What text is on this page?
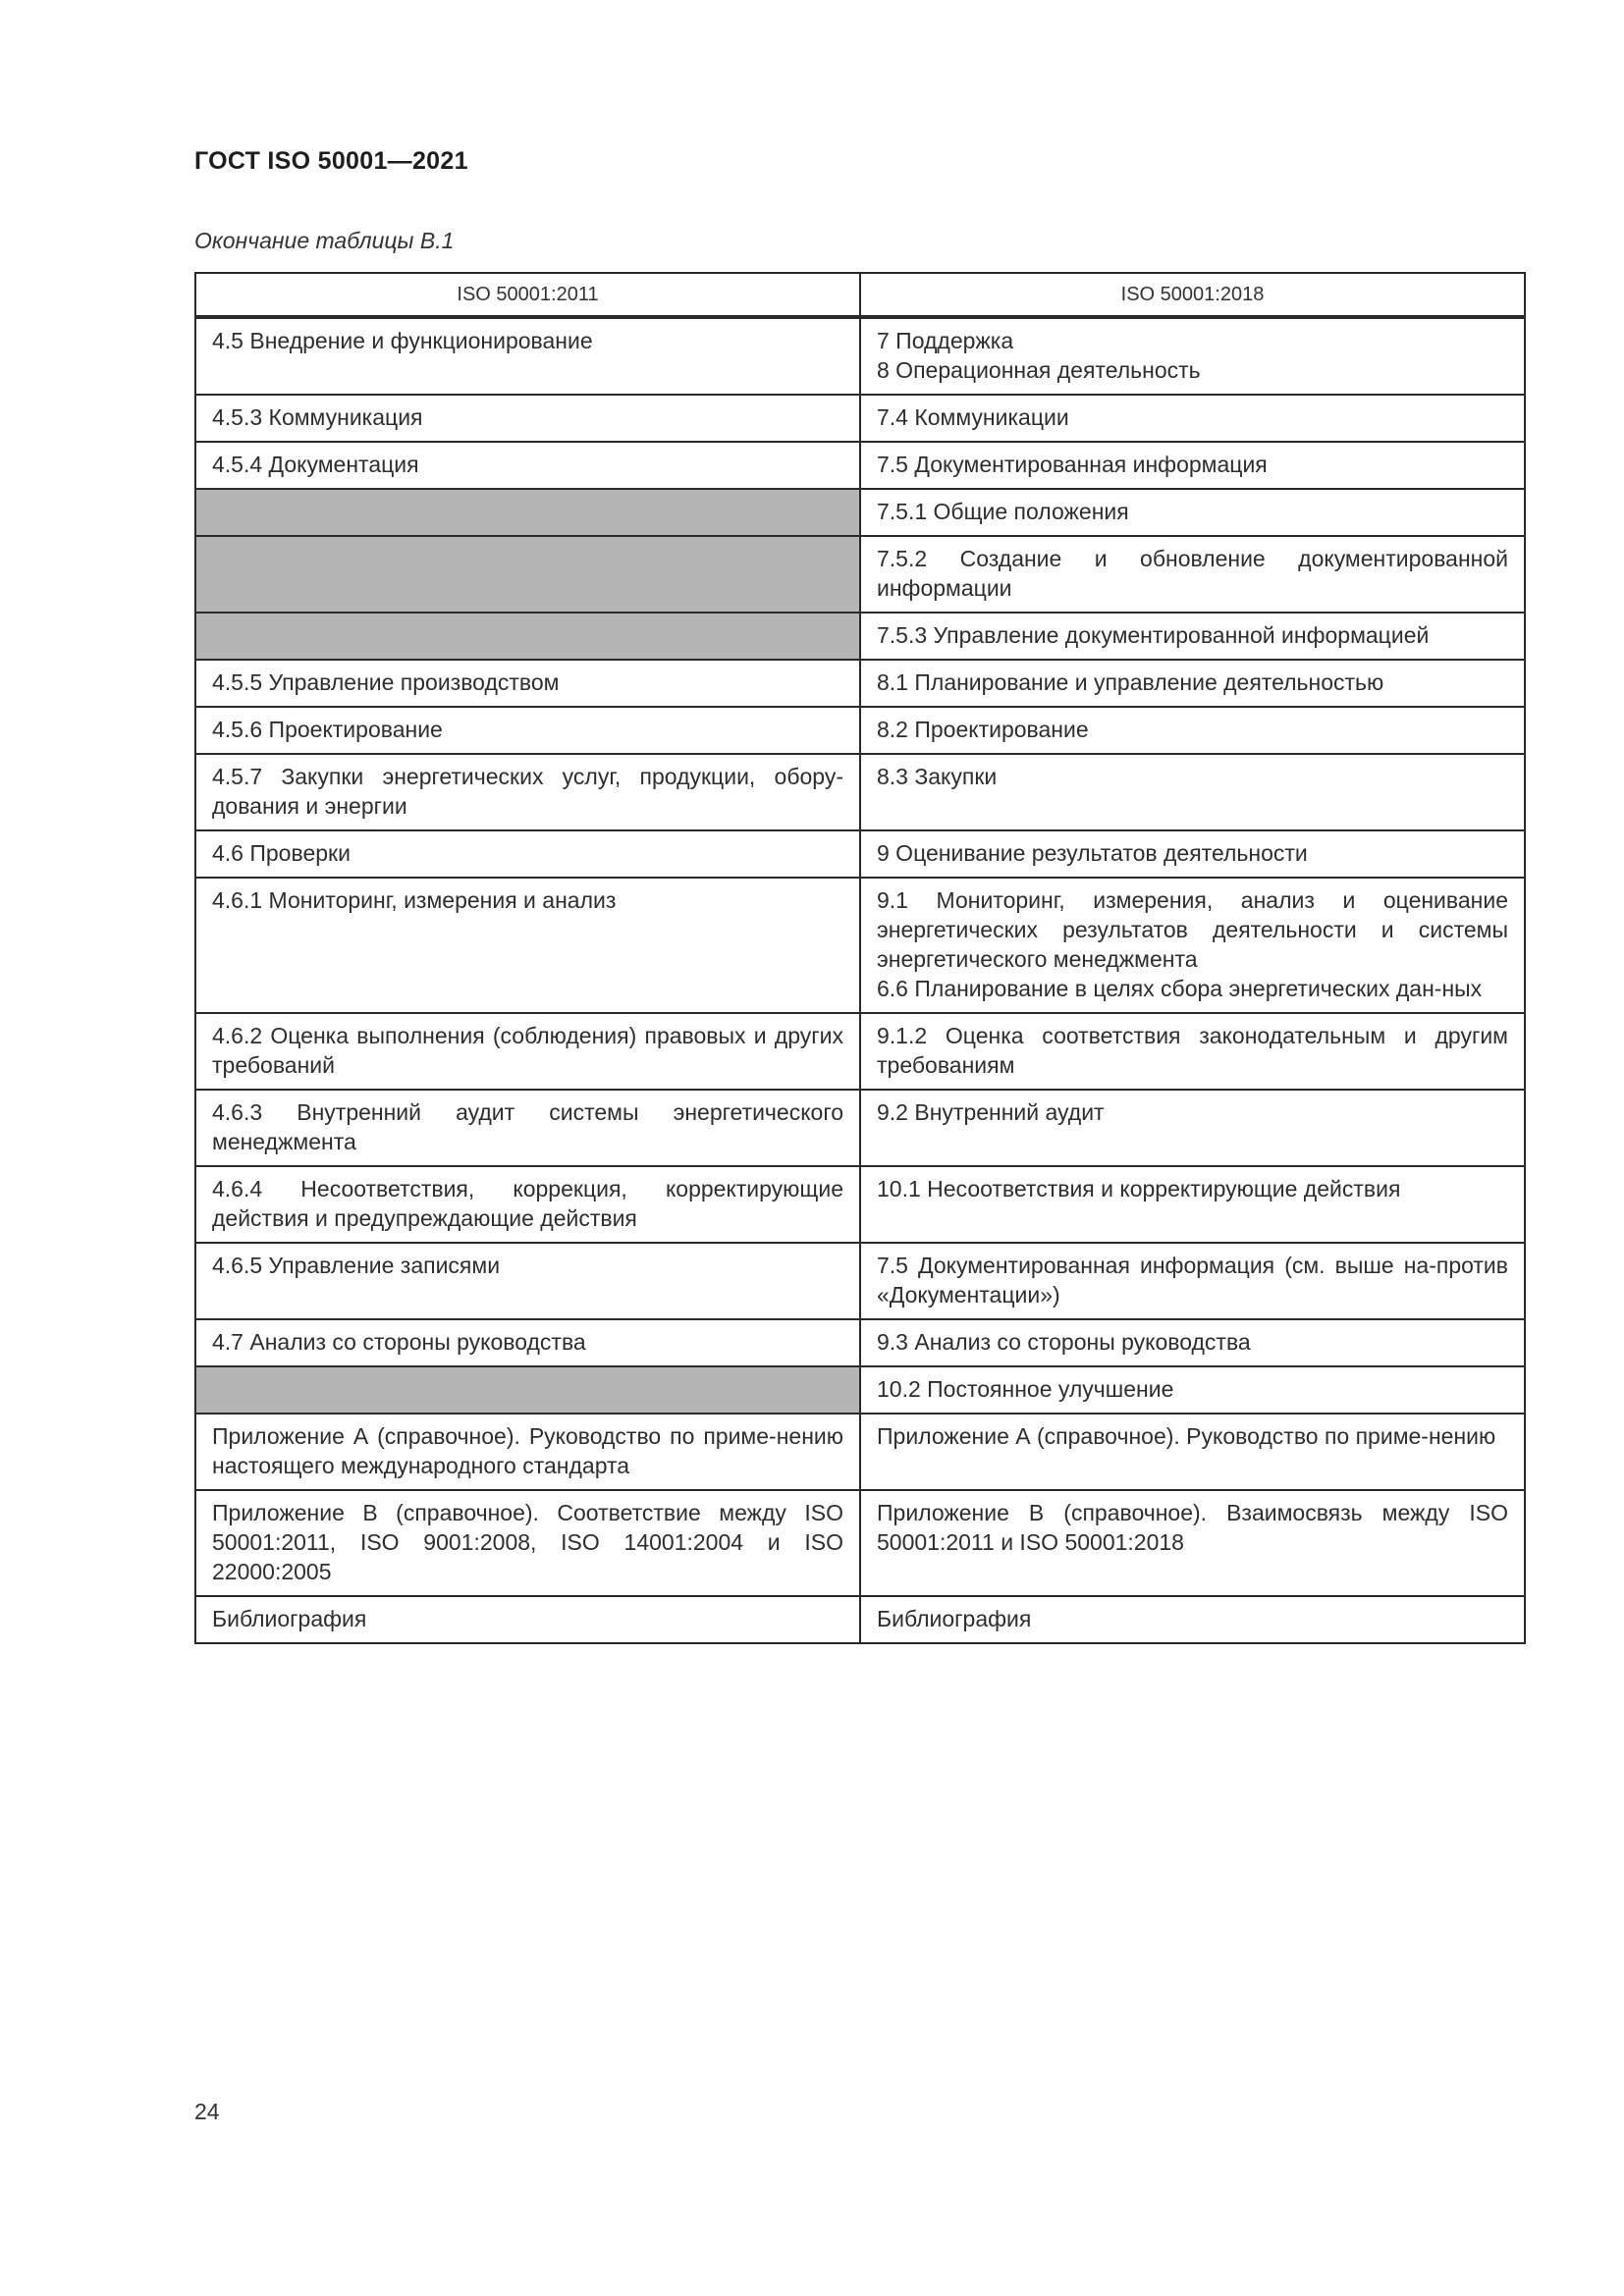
ГОСТ ISO 50001—2021
Окончание таблицы В.1
ISO 50001:2011	ISO 50001:2018
4.5 Внедрение и функционирование	7 Поддержка
8 Операционная деятельность
4.5.3 Коммуникация	7.4 Коммуникации
4.5.4 Документация	7.5 Документированная информация
	7.5.1 Общие положения
	7.5.2 Создание и обновление документированной информации
	7.5.3 Управление документированной информацией
4.5.5 Управление производством	8.1 Планирование и управление деятельностью
4.5.6 Проектирование	8.2 Проектирование
4.5.7 Закупки энергетических услуг, продукции, обору-дования и энергии	8.3 Закупки
4.6 Проверки	9 Оценивание результатов деятельности
4.6.1 Мониторинг, измерения и анализ	9.1 Мониторинг, измерения, анализ и оценивание энергетических результатов деятельности и системы энергетического менеджмента
6.6 Планирование в целях сбора энергетических дан-ных
4.6.2 Оценка выполнения (соблюдения) правовых и других требований	9.1.2 Оценка соответствия законодательным и другим требованиям
4.6.3 Внутренний аудит системы энергетического менеджмента	9.2 Внутренний аудит
4.6.4 Несоответствия, коррекция, корректирующие действия и предупреждающие действия	10.1 Несоответствия и корректирующие действия
4.6.5 Управление записями	7.5 Документированная информация (см. выше на-против «Документации»)
4.7 Анализ со стороны руководства	9.3 Анализ со стороны руководства
	10.2 Постоянное улучшение
Приложение А (справочное). Руководство по приме-нению настоящего международного стандарта	Приложение А (справочное). Руководство по приме-нению
Приложение В (справочное). Соответствие между ISO 50001:2011, ISO 9001:2008, ISO 14001:2004 и ISO 22000:2005	Приложение В (справочное). Взаимосвязь между ISO 50001:2011 и ISO 50001:2018
Библиография	Библиография
24
